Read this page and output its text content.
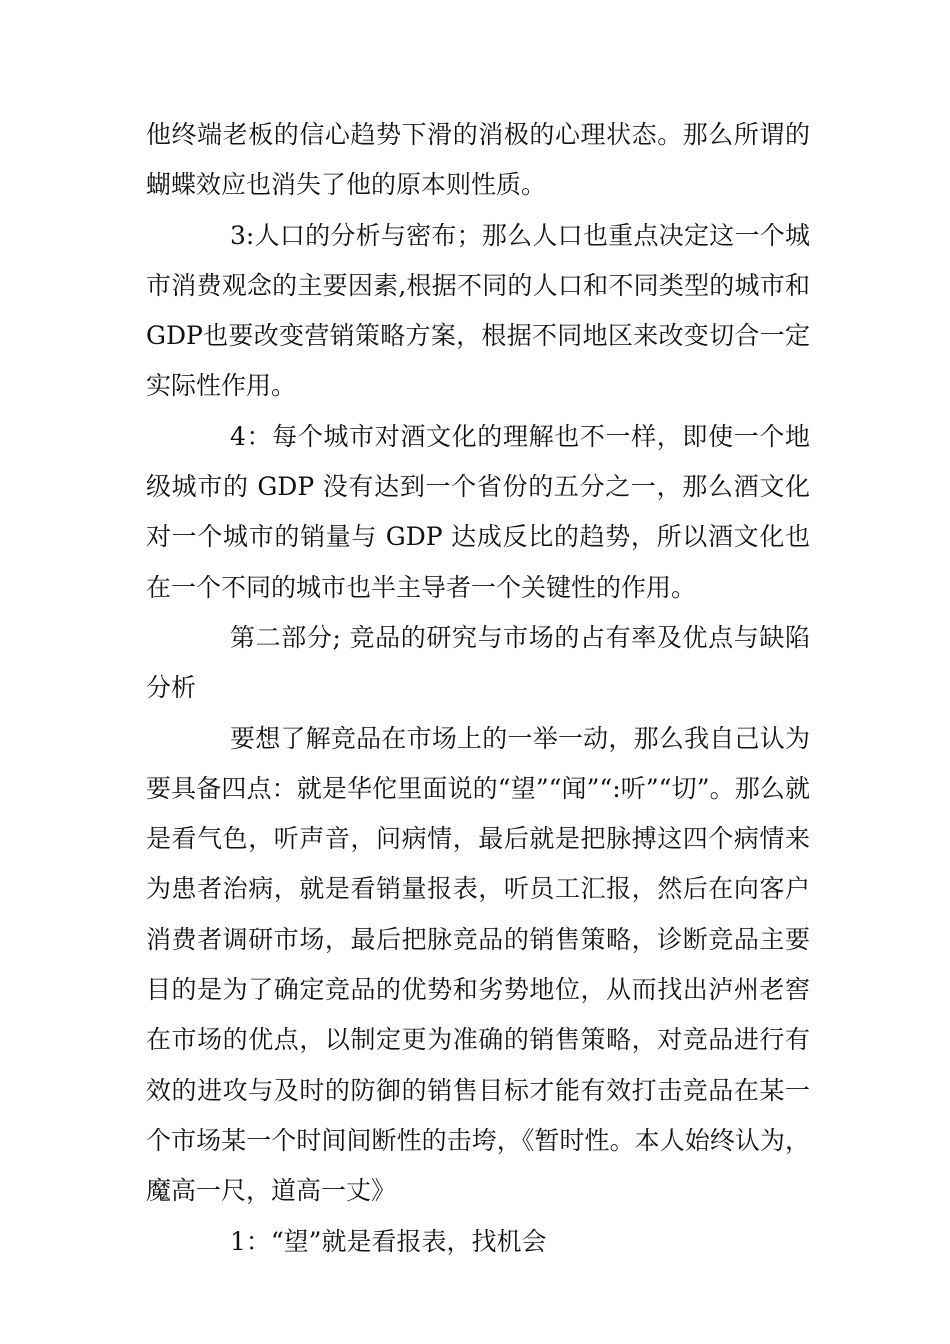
他终端老板的信心趋势下滑的消极的心理状态。那么所谓的蝴蝶效应也消失了他的原本则性质。

3:人口的分析与密布；那么人口也重点决定这一个城市消费观念的主要因素,根据不同的人口和不同类型的城市和GDP也要改变营销策略方案，根据不同地区来改变切合一定实际性作用。

4：每个城市对酒文化的理解也不一样，即使一个地级城市的 GDP 没有达到一个省份的五分之一，那么酒文化对一个城市的销量与 GDP 达成反比的趋势，所以酒文化也在一个不同的城市也半主导者一个关键性的作用。

第二部分; 竞品的研究与市场的占有率及优点与缺陷分析

要想了解竞品在市场上的一举一动，那么我自己认为要具备四点：就是华佗里面说的“望”“闻”“:听”“切”。那么就是看气色，听声音，问病情，最后就是把脉搏这四个病情来为患者治病，就是看销量报表，听员工汇报，然后在向客户消费者调研市场，最后把脉竞品的销售策略，诊断竞品主要目的是为了确定竞品的优势和劣势地位，从而找出泸州老窖在市场的优点，以制定更为准确的销售策略，对竞品进行有效的进攻与及时的防御的销售目标才能有效打击竞品在某一个市场某一个时间间断性的击垮，《暂时性。本人始终认为，魔高一尺，道高一丈》

1：“望”就是看报表，找机会
